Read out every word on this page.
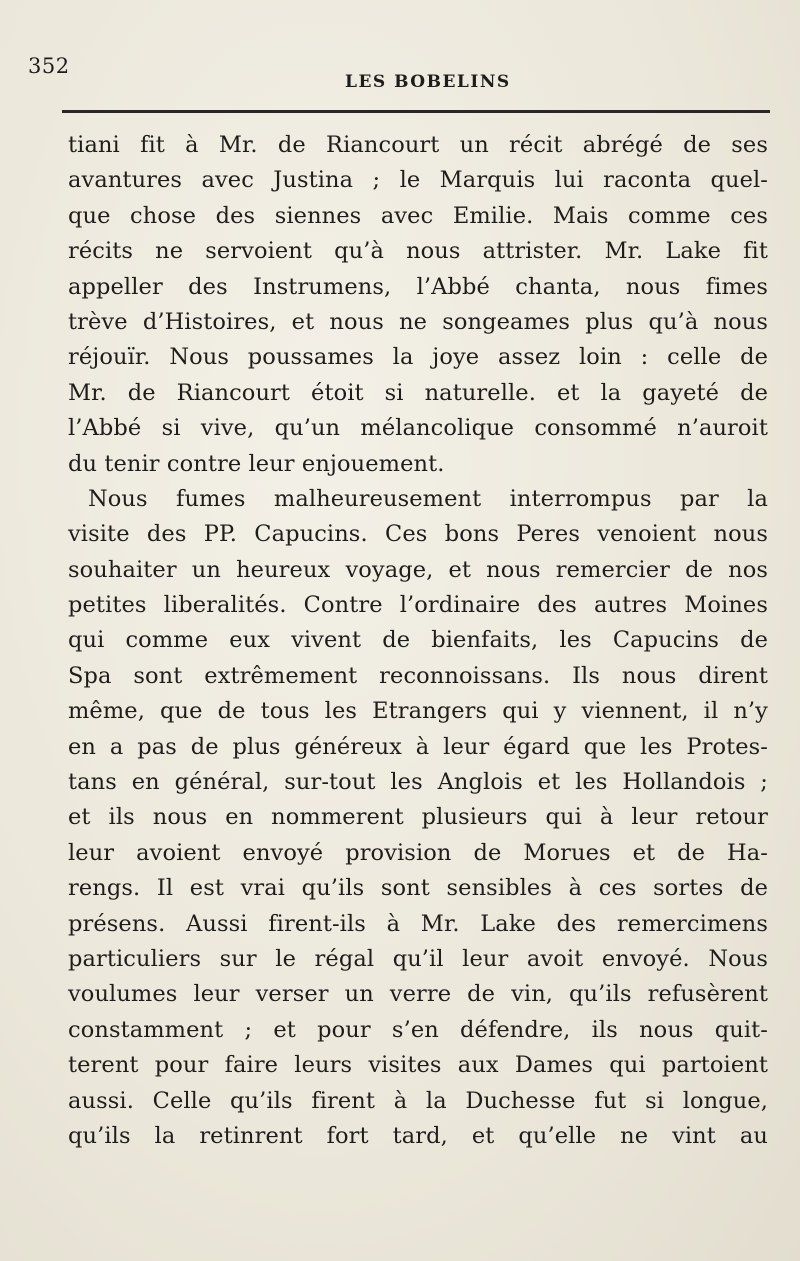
352
LES BOBELINS
tiani fit à Mr. de Riancourt un récit abrégé de ses
avantures avec Justina ; le Marquis lui raconta quel-
que chose des siennes avec Emilie. Mais comme ces
récits ne servoient qu’à nous attrister. Mr. Lake fit
appeller des Instrumens, l’Abbé chanta, nous fimes
trève d’Histoires, et nous ne songeames plus qu’à nous
réjouïr. Nous poussames la joye assez loin : celle de
Mr. de Riancourt étoit si naturelle. et la gayeté de
l’Abbé si vive, qu’un mélancolique consommé n’auroit
du tenir contre leur enjouement.
Nous fumes malheureusement interrompus par la
visite des PP. Capucins. Ces bons Peres venoient nous
souhaiter un heureux voyage, et nous remercier de nos
petites liberalités. Contre l’ordinaire des autres Moines
qui comme eux vivent de bienfaits, les Capucins de
Spa sont extrêmement reconnoissans. Ils nous dirent
même, que de tous les Etrangers qui y viennent, il n’y
en a pas de plus généreux à leur égard que les Protes-
tans en général, sur-tout les Anglois et les Hollandois ;
et ils nous en nommerent plusieurs qui à leur retour
leur avoient envoyé provision de Morues et de Ha-
rengs. Il est vrai qu’ils sont sensibles à ces sortes de
présens. Aussi firent-ils à Mr. Lake des remercimens
particuliers sur le régal qu’il leur avoit envoyé. Nous
voulumes leur verser un verre de vin, qu’ils refusèrent
constamment ; et pour s’en défendre, ils nous quit-
terent pour faire leurs visites aux Dames qui partoient
aussi. Celle qu’ils firent à la Duchesse fut si longue,
qu’ils la retinrent fort tard, et qu’elle ne vint au
